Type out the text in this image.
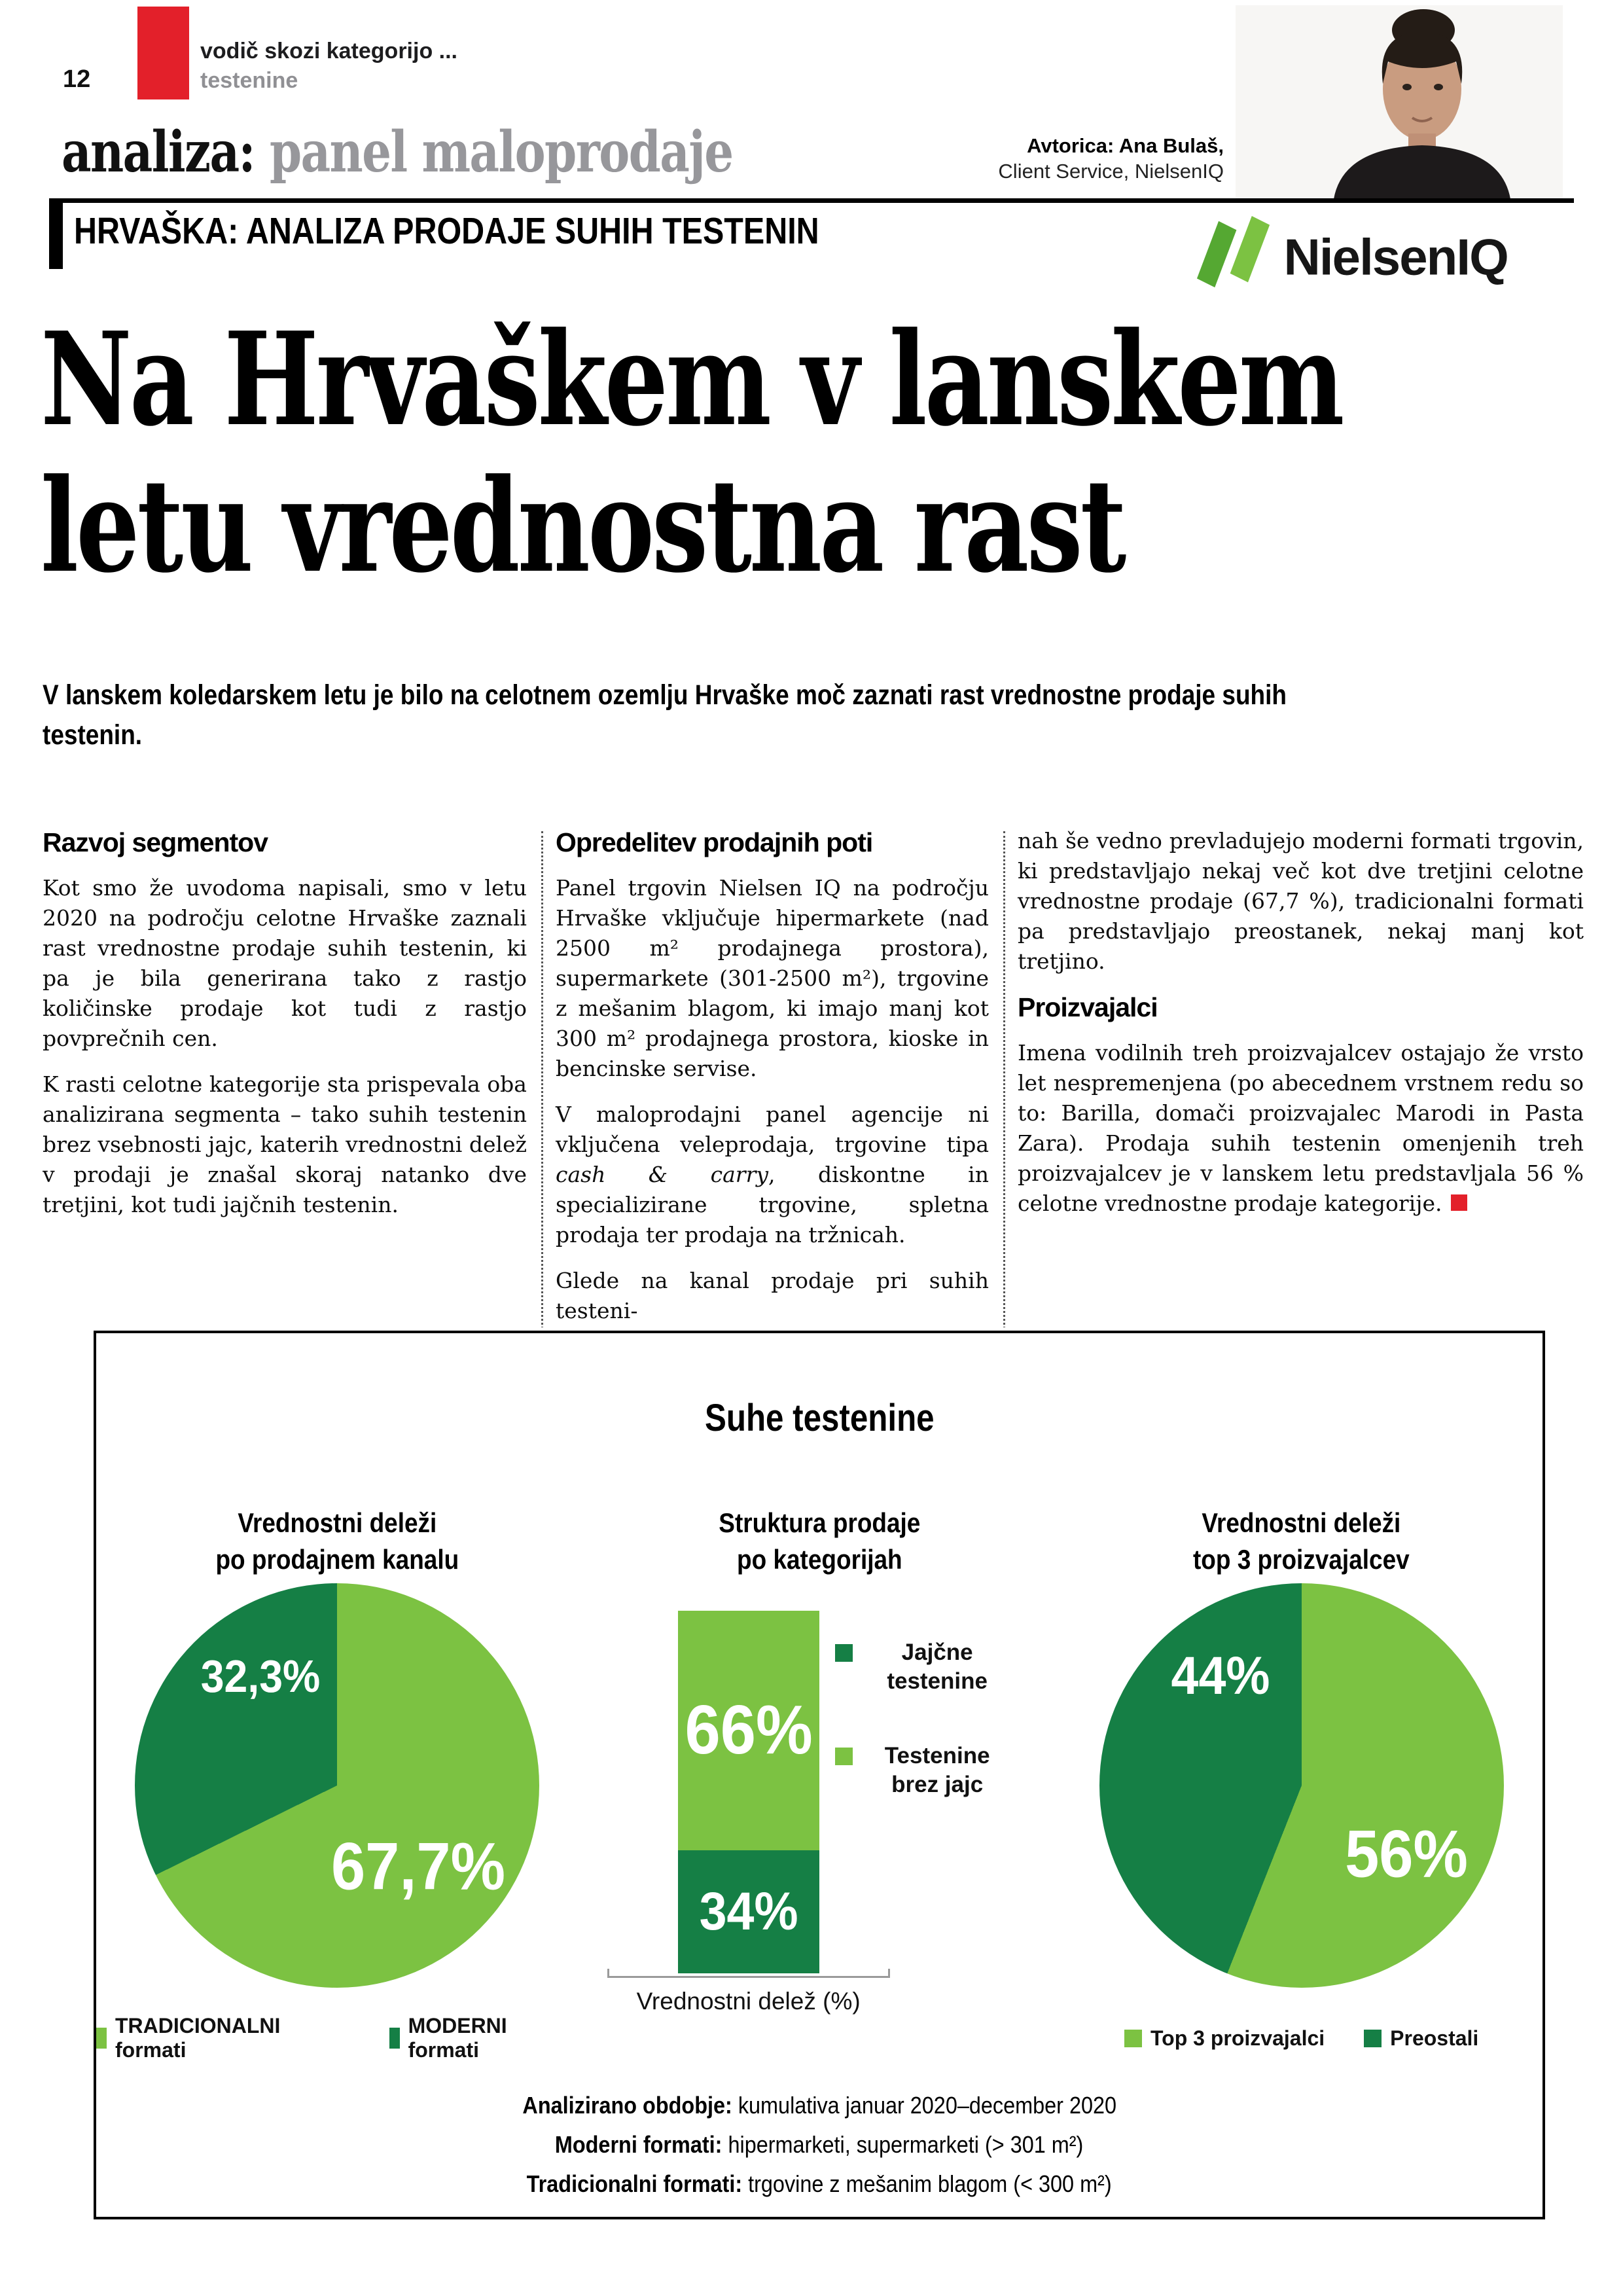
12
vodič skozi kategorijo ...
testenine
analiza: panel maloprodaje	Avtorica: Ana Bulaš,
Client Service, NielsenIQ
HRVAŠKA: ANALIZA PRODAJE SUHIH TESTENIN	NielsenIQ
Na Hrvaškem v lanskem
letu vrednostna rast

V lanskem koledarskem letu je bilo na celotnem ozemlju Hrvaške moč zaznati rast vrednostne prodaje suhih testenin.

Razvoj segmentov

Kot smo že uvodoma napisali, smo v letu 2020 na področju celotne Hrvaške zaznali rast vrednostne prodaje suhih testenin, ki pa je bila generirana tako z rastjo količinske prodaje kot tudi z rastjo povprečnih cen.

K rasti celotne kategorije sta prispevala oba analizirana segmenta – tako suhih testenin brez vsebnosti jajc, katerih vrednostni delež v prodaji je znašal skoraj natanko dve tretjini, kot tudi jajčnih testenin.

Opredelitev prodajnih poti

Panel trgovin Nielsen IQ na področju Hrvaške vključuje hipermarkete (nad 2500 m² prodajnega prostora), supermarkete (301-2500 m²), trgovine z mešanim blagom, ki imajo manj kot 300 m² prodajnega prostora, kioske in bencinske servise.

V maloprodajni panel agencije ni vključena veleprodaja, trgovine tipa cash & carry, diskontne in specializirane trgovine, spletna prodaja ter prodaja na tržnicah.

Glede na kanal prodaje pri suhih testeni-

nah še vedno prevladujejo moderni formati trgovin, ki predstavljajo nekaj več kot dve tretjini celotne vrednostne prodaje (67,7 %), tradicionalni formati pa predstavljajo preostanek, nekaj manj kot tretjino.

Proizvajalci

Imena vodilnih treh proizvajalcev ostajajo že vrsto let nespremenjena (po abecednem vrstnem redu so to: Barilla, domači proizvajalec Marodi in Pasta Zara). Prodaja suhih testenin omenjenih treh proizvajalcev je v lanskem letu predstavljala 56 % celotne vrednostne prodaje kategorije.

Suhe testenine
Vrednostni deleži
po prodajnem kanalu
Struktura prodaje
po kategorijah
Vrednostni deleži
top 3 proizvajalcev
32,3%
67,7%
66%
34%
Vrednostni delež (%)
Jajčne testenine
Testenine brez jajc
44%
56%
TRADICIONALNI formati
MODERNI formati
Top 3 proizvajalci	Preostali
Analizirano obdobje: kumulativa januar 2020–december 2020
Moderni formati: hipermarketi, supermarketi (> 301 m²)
Tradicionalni formati: trgovine z mešanim blagom (< 300 m²)
